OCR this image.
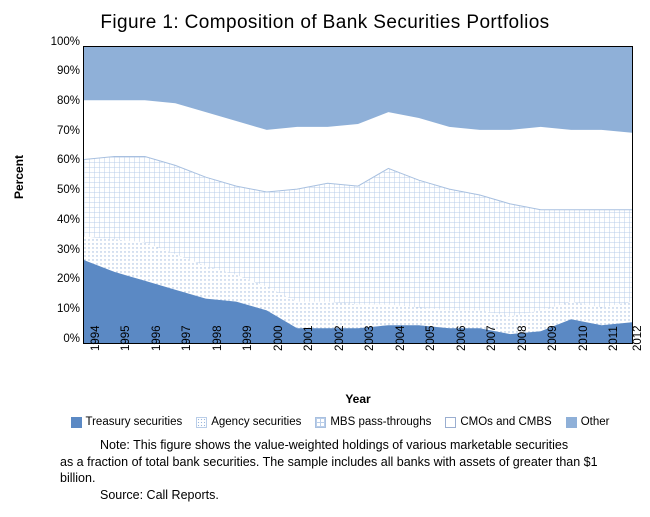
Figure 1: Composition of Bank Securities Portfolios
Percent
0%
10%
20%
30%
40%
50%
60%
70%
80%
90%
100%
1994 1995 1996 1997 1998 1999 2000 2001 2002 2003 2004 2005 2006 2007 2008 2009 2010 2011 2012
Year
Treasury securities	Agency securities	MBS pass-throughs	CMOs and CMBS	Other
Note: This figure shows the value-weighted holdings of various marketable securities
as a fraction of total bank securities. The sample includes all banks with assets of greater than $1 billion.
Source: Call Reports.
